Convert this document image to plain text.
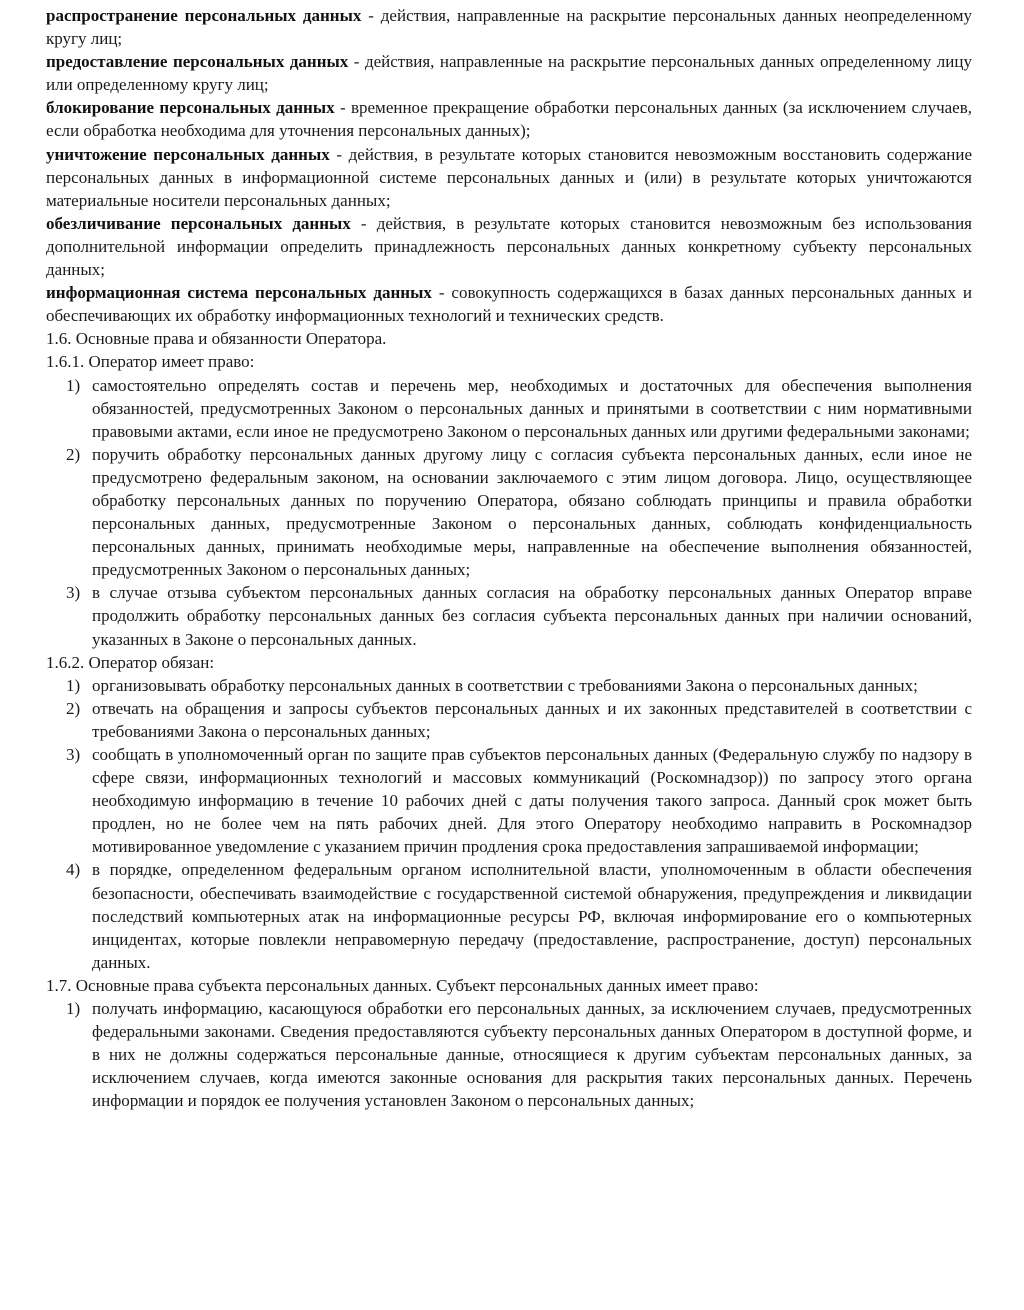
распространение персональных данных - действия, направленные на раскрытие персональных данных неопределенному кругу лиц;

предоставление персональных данных - действия, направленные на раскрытие персональных данных определенному лицу или определенному кругу лиц;

блокирование персональных данных - временное прекращение обработки персональных данных (за исключением случаев, если обработка необходима для уточнения персональных данных);

уничтожение персональных данных - действия, в результате которых становится невозможным восстановить содержание персональных данных в информационной системе персональных данных и (или) в результате которых уничтожаются материальные носители персональных данных;

обезличивание персональных данных - действия, в результате которых становится невозможным без использования дополнительной информации определить принадлежность персональных данных конкретному субъекту персональных данных;

информационная система персональных данных - совокупность содержащихся в базах данных персональных данных и обеспечивающих их обработку информационных технологий и технических средств.

1.6. Основные права и обязанности Оператора.

1.6.1. Оператор имеет право:

1) самостоятельно определять состав и перечень мер, необходимых и достаточных для обеспечения выполнения обязанностей, предусмотренных Законом о персональных данных и принятыми в соответствии с ним нормативными правовыми актами, если иное не предусмотрено Законом о персональных данных или другими федеральными законами;

2) поручить обработку персональных данных другому лицу с согласия субъекта персональных данных, если иное не предусмотрено федеральным законом, на основании заключаемого с этим лицом договора. Лицо, осуществляющее обработку персональных данных по поручению Оператора, обязано соблюдать принципы и правила обработки персональных данных, предусмотренные Законом о персональных данных, соблюдать конфиденциальность персональных данных, принимать необходимые меры, направленные на обеспечение выполнения обязанностей, предусмотренных Законом о персональных данных;

3) в случае отзыва субъектом персональных данных согласия на обработку персональных данных Оператор вправе продолжить обработку персональных данных без согласия субъекта персональных данных при наличии оснований, указанных в Законе о персональных данных.

1.6.2. Оператор обязан:

1) организовывать обработку персональных данных в соответствии с требованиями Закона о персональных данных;

2) отвечать на обращения и запросы субъектов персональных данных и их законных представителей в соответствии с требованиями Закона о персональных данных;

3) сообщать в уполномоченный орган по защите прав субъектов персональных данных (Федеральную службу по надзору в сфере связи, информационных технологий и массовых коммуникаций (Роскомнадзор)) по запросу этого органа необходимую информацию в течение 10 рабочих дней с даты получения такого запроса. Данный срок может быть продлен, но не более чем на пять рабочих дней. Для этого Оператору необходимо направить в Роскомнадзор мотивированное уведомление с указанием причин продления срока предоставления запрашиваемой информации;

4) в порядке, определенном федеральным органом исполнительной власти, уполномоченным в области обеспечения безопасности, обеспечивать взаимодействие с государственной системой обнаружения, предупреждения и ликвидации последствий компьютерных атак на информационные ресурсы РФ, включая информирование его о компьютерных инцидентах, которые повлекли неправомерную передачу (предоставление, распространение, доступ) персональных данных.

1.7. Основные права субъекта персональных данных. Субъект персональных данных имеет право:

1) получать информацию, касающуюся обработки его персональных данных, за исключением случаев, предусмотренных федеральными законами. Сведения предоставляются субъекту персональных данных Оператором в доступной форме, и в них не должны содержаться персональные данные, относящиеся к другим субъектам персональных данных, за исключением случаев, когда имеются законные основания для раскрытия таких персональных данных. Перечень информации и порядок ее получения установлен Законом о персональных данных;
